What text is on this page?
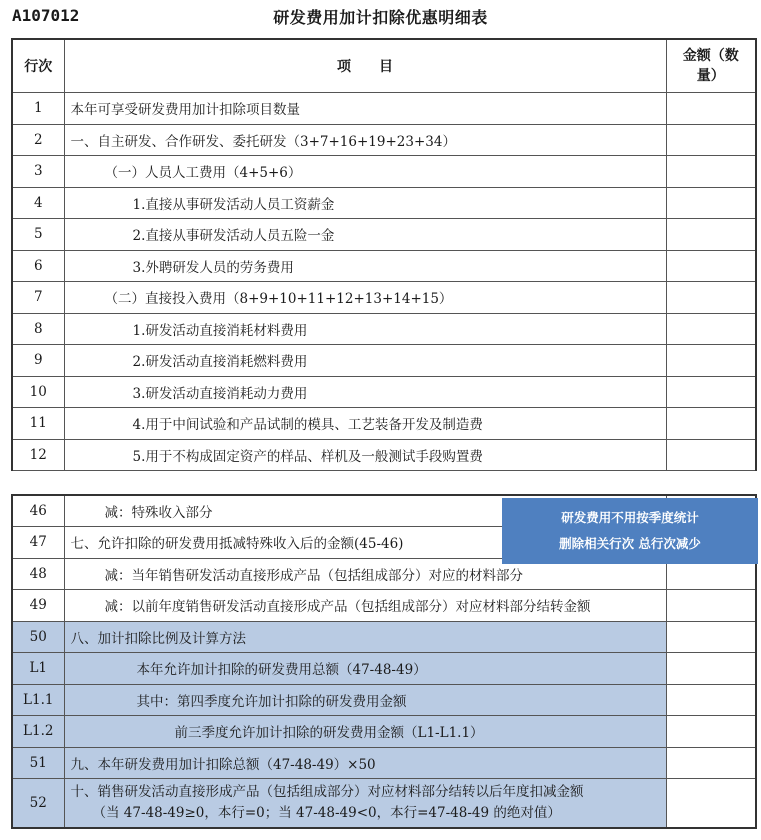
A107012	研发费用加计扣除优惠明细表
行次	项　　目	金额（数量）
1	本年可享受研发费用加计扣除项目数量	
2	一、自主研发、合作研发、委托研发（3+7+16+19+23+34）	
3	（一）人员人工费用（4+5+6）	
4	1.直接从事研发活动人员工资薪金	
5	2.直接从事研发活动人员五险一金	
6	3.外聘研发人员的劳务费用	
7	（二）直接投入费用（8+9+10+11+12+13+14+15）	
8	1.研发活动直接消耗材料费用	
9	2.研发活动直接消耗燃料费用	
10	3.研发活动直接消耗动力费用	
11	4.用于中间试验和产品试制的模具、工艺装备开发及制造费	
12	5.用于不构成固定资产的样品、样机及一般测试手段购置费	
46	减：特殊收入部分	
47	七、允许扣除的研发费用抵减特殊收入后的金额(45-46)	
48	减：当年销售研发活动直接形成产品（包括组成部分）对应的材料部分	
49	减：以前年度销售研发活动直接形成产品（包括组成部分）对应材料部分结转金额	
50	八、加计扣除比例及计算方法	
L1	本年允许加计扣除的研发费用总额（47-48-49）	
L1.1	其中：第四季度允许加计扣除的研发费用金额	
L1.2	前三季度允许加计扣除的研发费用金额（L1-L1.1）	
51	九、本年研发费用加计扣除总额（47-48-49）×50	
52	十、销售研发活动直接形成产品（包括组成部分）对应材料部分结转以后年度扣减金额
（当 47-48-49≥0，本行=0；当 47-48-49<0，本行=47-48-49 的绝对值）	

研发费用不用按季度统计
删除相关行次 总行次减少
